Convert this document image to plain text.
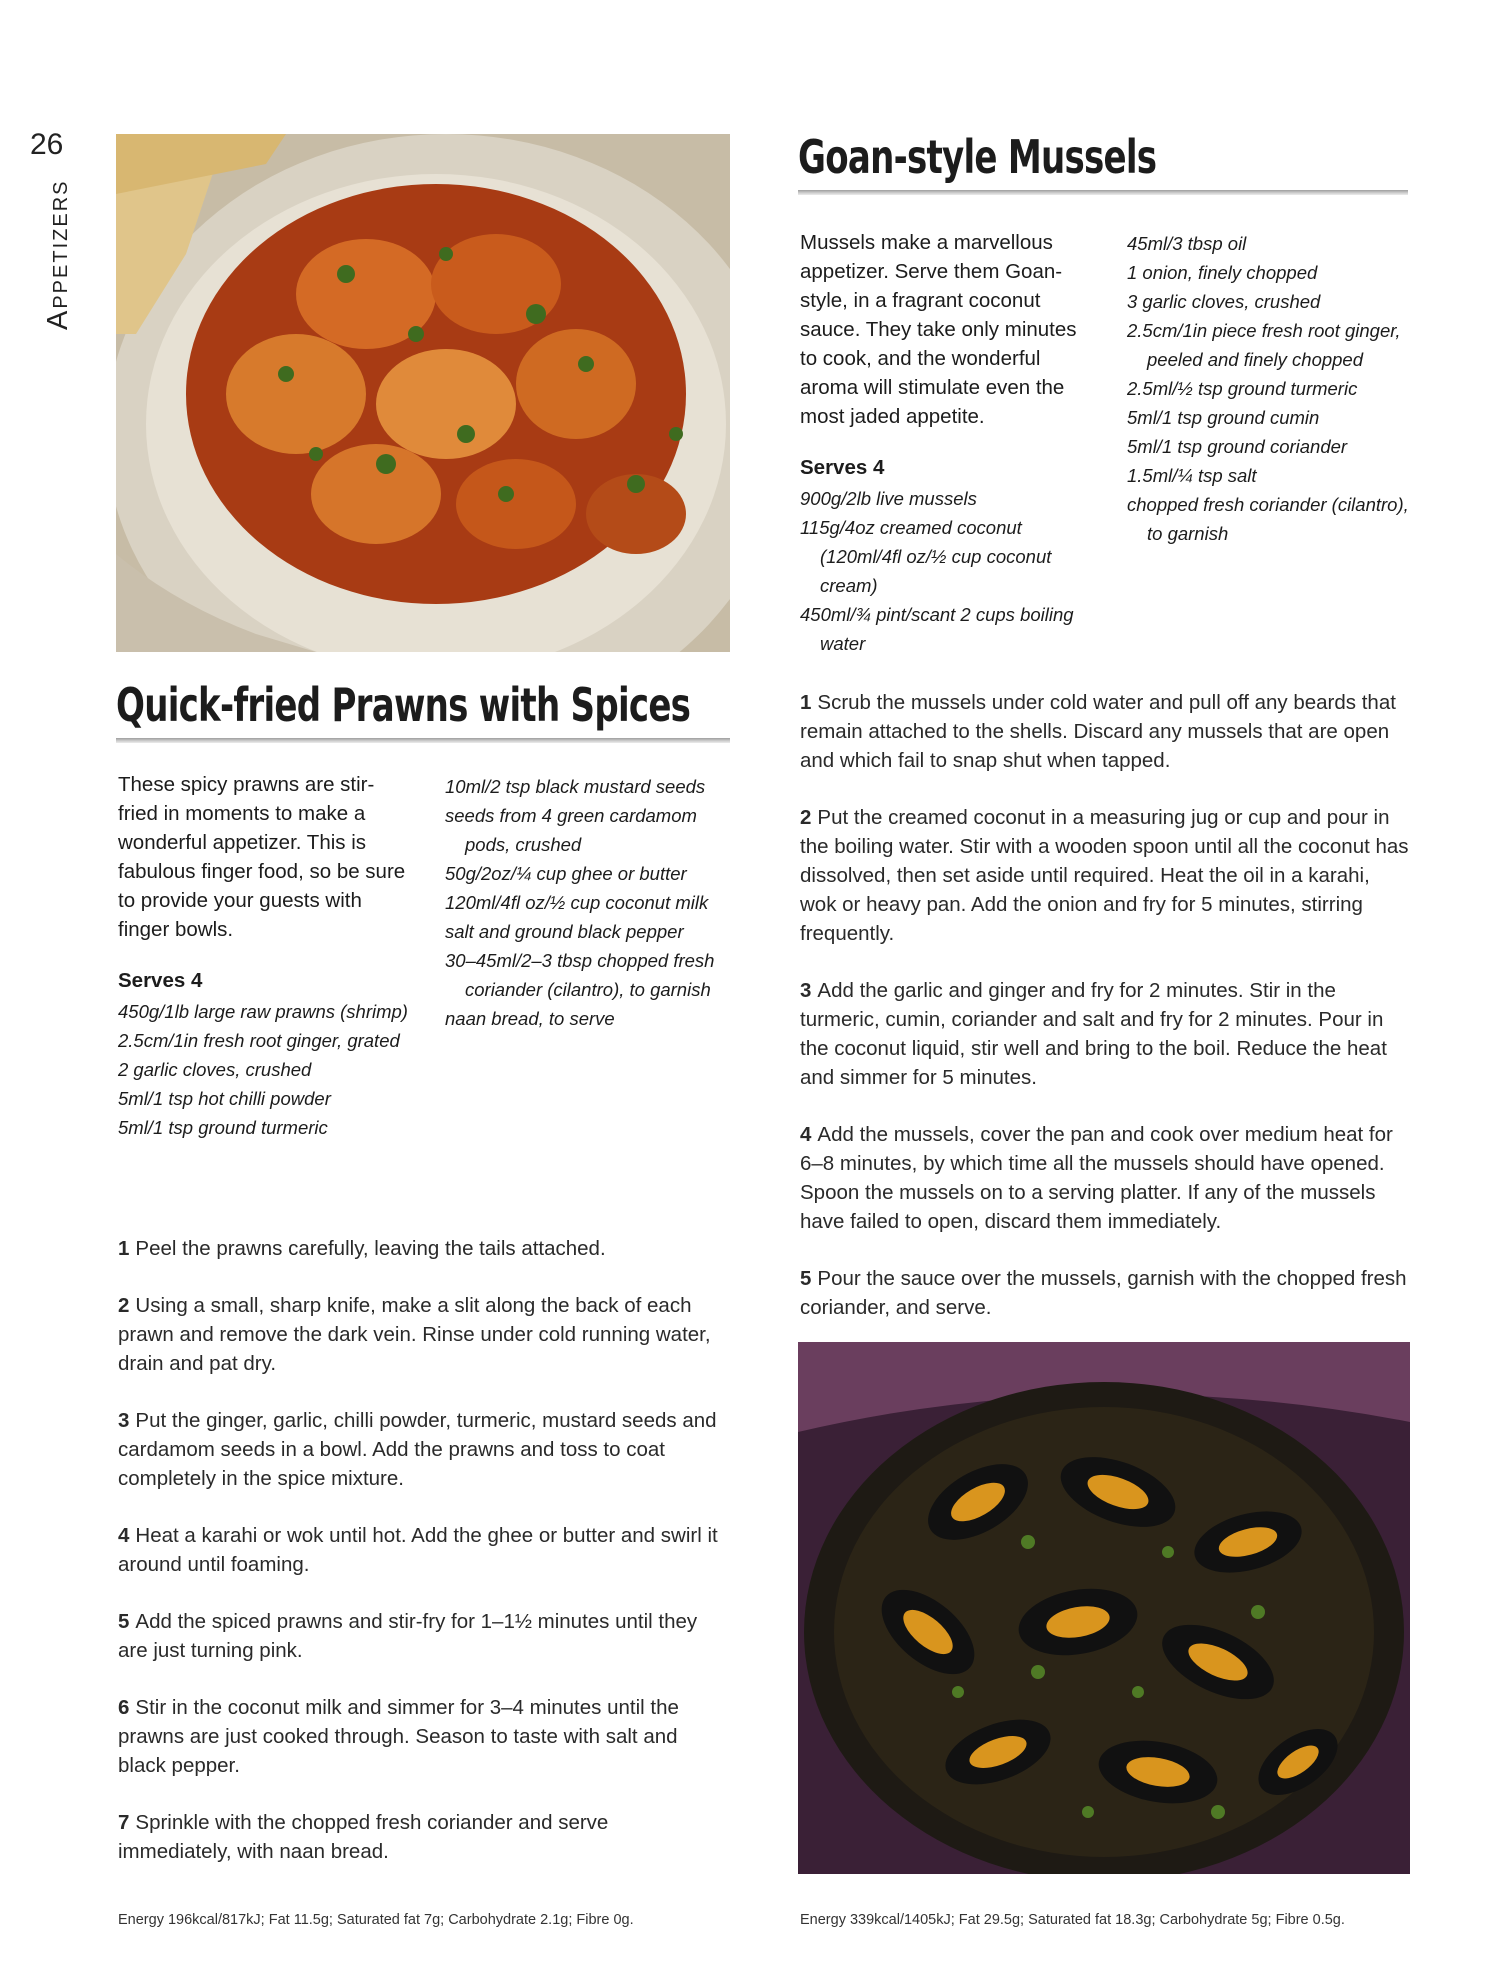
26
Appetizers
Quick-fried Prawns with Spices
These spicy prawns are stir-fried in moments to make a wonderful appetizer. This is fabulous finger food, so be sure to provide your guests with finger bowls.
Serves 4
450g/1lb large raw prawns (shrimp)
2.5cm/1in fresh root ginger, grated
2 garlic cloves, crushed
5ml/1 tsp hot chilli powder
5ml/1 tsp ground turmeric
10ml/2 tsp black mustard seeds
seeds from 4 green cardamom pods, crushed
50g/2oz/¼ cup ghee or butter
120ml/4fl oz/½ cup coconut milk
salt and ground black pepper
30–45ml/2–3 tbsp chopped fresh coriander (cilantro), to garnish
naan bread, to serve
1 Peel the prawns carefully, leaving the tails attached.
2 Using a small, sharp knife, make a slit along the back of each prawn and remove the dark vein. Rinse under cold running water, drain and pat dry.
3 Put the ginger, garlic, chilli powder, turmeric, mustard seeds and cardamom seeds in a bowl. Add the prawns and toss to coat completely in the spice mixture.
4 Heat a karahi or wok until hot. Add the ghee or butter and swirl it around until foaming.
5 Add the spiced prawns and stir-fry for 1–1½ minutes until they are just turning pink.
6 Stir in the coconut milk and simmer for 3–4 minutes until the prawns are just cooked through. Season to taste with salt and black pepper.
7 Sprinkle with the chopped fresh coriander and serve immediately, with naan bread.
Energy 196kcal/817kJ; Fat 11.5g; Saturated fat 7g; Carbohydrate 2.1g; Fibre 0g.
Goan-style Mussels
Mussels make a marvellous appetizer. Serve them Goan-style, in a fragrant coconut sauce. They take only minutes to cook, and the wonderful aroma will stimulate even the most jaded appetite.
Serves 4
900g/2lb live mussels
115g/4oz creamed coconut (120ml/4fl oz/½ cup coconut cream)
450ml/¾ pint/scant 2 cups boiling water
45ml/3 tbsp oil
1 onion, finely chopped
3 garlic cloves, crushed
2.5cm/1in piece fresh root ginger, peeled and finely chopped
2.5ml/½ tsp ground turmeric
5ml/1 tsp ground cumin
5ml/1 tsp ground coriander
1.5ml/¼ tsp salt
chopped fresh coriander (cilantro), to garnish
1 Scrub the mussels under cold water and pull off any beards that remain attached to the shells. Discard any mussels that are open and which fail to snap shut when tapped.
2 Put the creamed coconut in a measuring jug or cup and pour in the boiling water. Stir with a wooden spoon until all the coconut has dissolved, then set aside until required. Heat the oil in a karahi, wok or heavy pan. Add the onion and fry for 5 minutes, stirring frequently.
3 Add the garlic and ginger and fry for 2 minutes. Stir in the turmeric, cumin, coriander and salt and fry for 2 minutes. Pour in the coconut liquid, stir well and bring to the boil. Reduce the heat and simmer for 5 minutes.
4 Add the mussels, cover the pan and cook over medium heat for 6–8 minutes, by which time all the mussels should have opened. Spoon the mussels on to a serving platter. If any of the mussels have failed to open, discard them immediately.
5 Pour the sauce over the mussels, garnish with the chopped fresh coriander, and serve.
Energy 339kcal/1405kJ; Fat 29.5g; Saturated fat 18.3g; Carbohydrate 5g; Fibre 0.5g.
